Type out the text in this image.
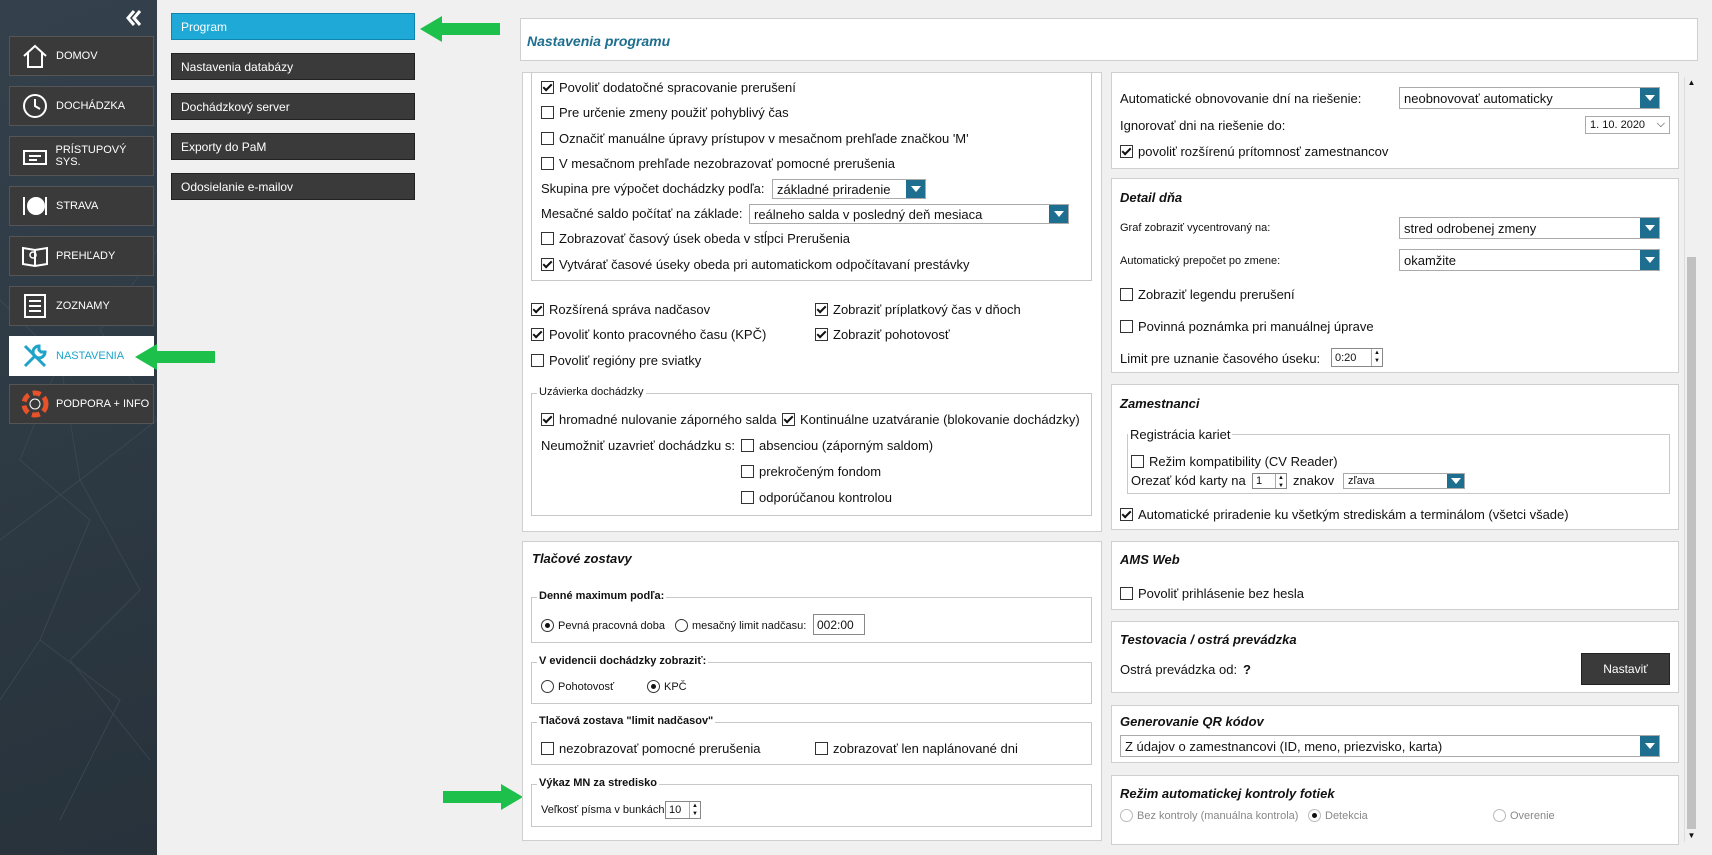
DOMOV
DOCHÁDZKA
PRÍSTUPOVÝ SYS.
STRAVA
PREHĽADY
ZOZNAMY
NASTAVENIA
PODPORA + INFO
Program
Nastavenia databázy
Dochádzkový server
Exporty do PaM
Odosielanie e-mailov
Nastavenia programu
Povoliť dodatočné spracovanie prerušení
Pre určenie zmeny použiť pohyblivý čas
Označiť manuálne úpravy prístupov v mesačnom prehľade značkou 'M'
V mesačnom prehľade nezobrazovať pomocné prerušenia
Skupina pre výpočet dochádzky podľa: základné priradenie
Mesačné saldo počítať na základe: reálneho salda v posledný deň mesiaca
Zobrazovať časový úsek obeda v stĺpci Prerušenia
Vytvárať časové úseky obeda pri automatickom odpočítavaní prestávky
Rozšírená správa nadčasov	Zobraziť príplatkový čas v dňoch
Povoliť konto pracovného času (KPČ)	Zobraziť pohotovosť
Povoliť regióny pre sviatky
Uzávierka dochádzky
hromadné nulovanie záporného salda Kontinuálne uzatváranie (blokovanie dochádzky)
Neumožniť uzavrieť dochádzku s: absenciou (záporným saldom)
prekročeným fondom
odporúčanou kontrolou
Tlačové zostavy
Denné maximum podľa:
Pevná pracovná doba mesačný limit nadčasu: 002:00
V evidencii dochádzky zobraziť:
Pohotovosť	KPČ
Tlačová zostava "limit nadčasov"
nezobrazovať pomocné prerušenia	zobrazovať len naplánované dni
Výkaz MN za stredisko
Veľkosť písma v bunkách 10	▲
▼
Automatické obnovovanie dní na riešenie:	neobnovovať automaticky
Ignorovať dni na riešenie do:	1. 10. 2020 ⌵
povoliť rozšírenú prítomnosť zamestnancov
Detail dňa
Graf zobraziť vycentrovaný na:	stred odrobenej zmeny
Automatický prepočet po zmene:	okamžite
Zobraziť legendu prerušení
Povinná poznámka pri manuálnej úprave
Limit pre uznanie časového úseku: 0:20	▲
▼
Zamestnanci
Registrácia kariet
Režim kompatibility (CV Reader)
Orezať kód karty na 1	▲
▼ znakov zľava
Automatické priradenie ku všetkým strediskám a terminálom (všetci všade)
AMS Web
Povoliť prihlásenie bez hesla
Testovacia / ostrá prevádzka
Ostrá prevádzka od: ?	Nastaviť
Generovanie QR kódov
Z údajov o zamestnancovi (ID, meno, priezvisko, karta)
Režim automatickej kontroly fotiek
Bez kontroly (manuálna kontrola) Detekcia	Overenie
▲
▼
